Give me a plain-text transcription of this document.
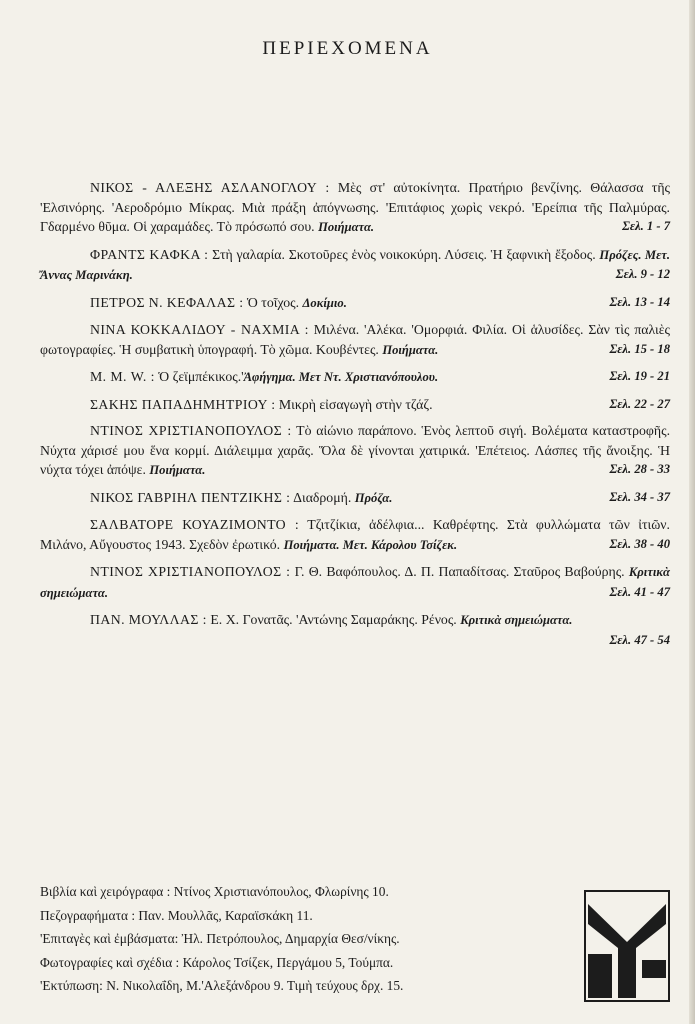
ΠΕΡΙΕΧΟΜΕΝΑ

ΝΙΚΟΣ - ΑΛΕΞΗΣ ΑΣΛΑΝΟΓΛΟΥ : Μὲς στ' αὐτοκίνητα. Πρατήριο βενζίνης. Θάλασσα τῆς 'Ελσινόρης. 'Αεροδρόμιο Μίκρας. Μιὰ πράξη ἀπόγνωσης. 'Επιτάφιος χωρὶς νεκρό. 'Ερείπια τῆς Παλμύρας. Γδαρμένο θῦμα. Οἱ χαραμάδες. Τὸ πρόσωπό σου. Ποιήματα.	Σελ. 1 - 7

ΦΡΑΝΤΣ ΚΑΦΚΑ : Στὴ γαλαρία. Σκοτοῦρες ἑνὸς νοικοκύρη. Λύσεις. Ἡ ξαφνικὴ ἔξοδος. Πρόζες. Μετ. Ἄννας Μαρινάκη.	Σελ. 9 - 12

ΠΕΤΡΟΣ Ν. ΚΕΦΑΛΑΣ : Ὁ τοῖχος. Δοκίμιο.	Σελ. 13 - 14

ΝΙΝΑ ΚΟΚΚΑΛΙΔΟΥ - ΝΑΧΜΙΑ : Μιλένα. 'Αλέκα. 'Ομορφιά. Φιλία. Οἱ ἁλυσίδες. Σὰν τὶς παλιὲς φωτογραφίες. Ἡ συμβατικὴ ὑπογραφή. Τὸ χῶμα. Κουβέντες. Ποιήματα.	Σελ. 15 - 18

Μ. Μ. W. : Ὁ ζεϊμπέκικος.'Ἀφήγημα. Μετ Ντ. Χριστιανόπουλου.	Σελ. 19 - 21

ΣΑΚΗΣ ΠΑΠΑΔΗΜΗΤΡΙΟΥ : Μικρὴ εἰσαγωγὴ στὴν τζάζ.	Σελ. 22 - 27

ΝΤΙΝΟΣ ΧΡΙΣΤΙΑΝΟΠΟΥΛΟΣ : Τὸ αἰώνιο παράπονο. Ἑνὸς λεπτοῦ σιγή. Βολέματα καταστροφῆς. Νύχτα χάρισέ μου ἕνα κορμί. Διάλειμμα χαρᾶς. Ὅλα δὲ γίνονται χατιρικά. 'Επέτειος. Λάσπες τῆς ἄνοιξης. Ἡ νύχτα τόχει ἀπόψε. Ποιήματα.	Σελ. 28 - 33

ΝΙΚΟΣ ΓΑΒΡΙΗΛ ΠΕΝΤΖΙΚΗΣ : Διαδρομή. Πρόζα.	Σελ. 34 - 37

ΣΑΛΒΑΤΟΡΕ ΚΟΥΑΖΙΜΟΝΤΟ : Τζιτζίκια, ἀδέλφια... Καθρέφτης. Στὰ φυλλώματα τῶν ἰτιῶν. Μιλάνο, Αὔγουστος 1943. Σχεδὸν ἐρωτικό. Ποιήματα. Μετ. Κάρολου Τσίζεκ.	Σελ. 38 - 40

ΝΤΙΝΟΣ ΧΡΙΣΤΙΑΝΟΠΟΥΛΟΣ : Γ. Θ. Βαφόπουλος. Δ. Π. Παπαδίτσας. Σταῦρος Βαβούρης. Κριτικὰ σημειώματα.	Σελ. 41 - 47

ΠΑΝ. ΜΟΥΛΛΑΣ : Ε. Χ. Γονατᾶς. 'Αντώνης Σαμαράκης. Ρένος. Κριτικὰ σημειώματα.
Σελ. 47 - 54

Βιβλία καὶ χειρόγραφα : Ντίνος Χριστιανόπουλος, Φλωρίνης 10.
Πεζογραφήματα : Παν. Μουλλᾶς, Καραϊσκάκη 11.
'Επιταγὲς καὶ ἐμβάσματα: Ἠλ. Πετρόπουλος, Δημαρχία Θεσ/νίκης.
Φωτογραφίες καὶ σχέδια : Κάρολος Τσίζεκ, Περγάμου 5, Τούμπα.
'Εκτύπωση: Ν. Νικολαΐδη, Μ.'Αλεξάνδρου 9. Τιμὴ τεύχους δρχ. 15.
